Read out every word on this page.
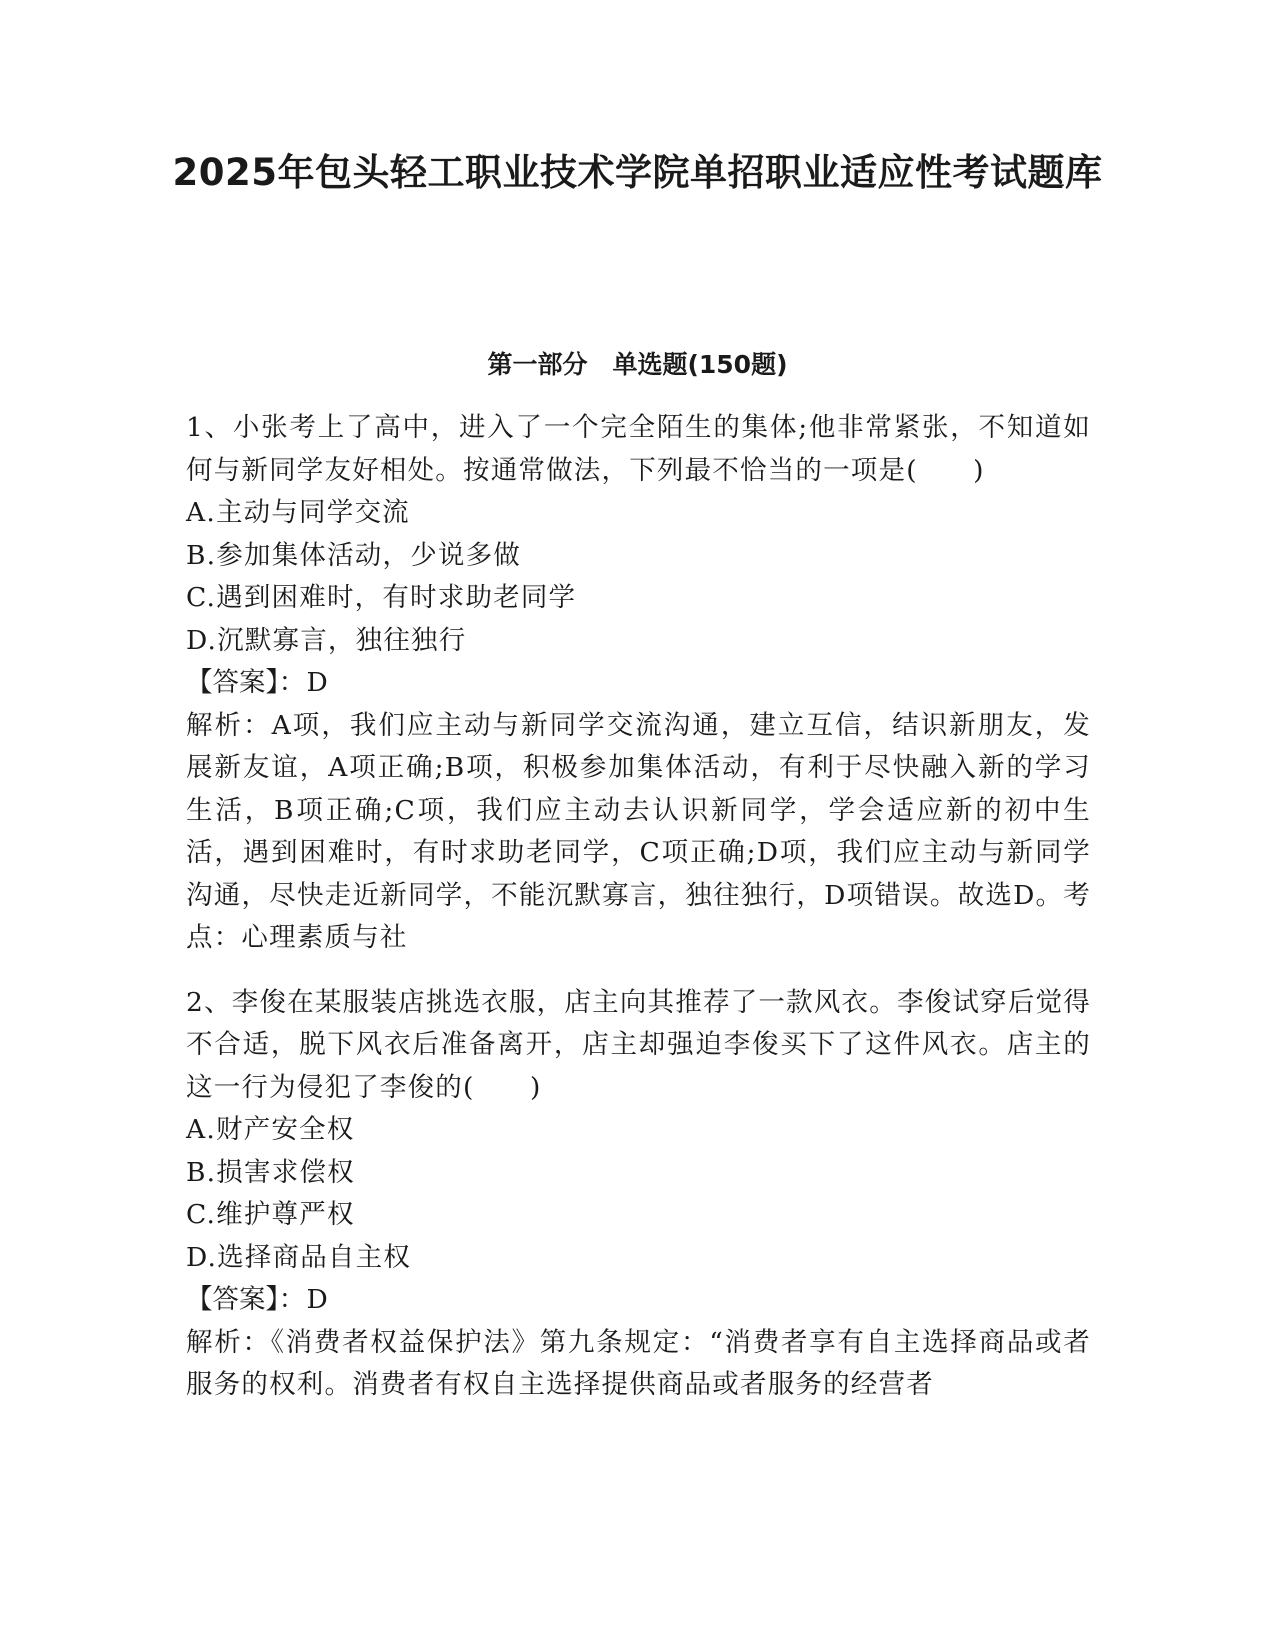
2025年包头轻工职业技术学院单招职业适应性考试题库
第一部分　单选题(150题)

1、小张考上了高中，进入了一个完全陌生的集体;他非常紧张，不知道如何与新同学友好相处。按通常做法，下列最不恰当的一项是(　　)

A.主动与同学交流

B.参加集体活动，少说多做

C.遇到困难时，有时求助老同学

D.沉默寡言，独往独行

【答案】：D

解析：A项，我们应主动与新同学交流沟通，建立互信，结识新朋友，发展新友谊，A项正确;B项，积极参加集体活动，有利于尽快融入新的学习生活，B项正确;C项，我们应主动去认识新同学，学会适应新的初中生活，遇到困难时，有时求助老同学，C项正确;D项，我们应主动与新同学沟通，尽快走近新同学，不能沉默寡言，独往独行，D项错误。故选D。考点：心理素质与社

2、李俊在某服装店挑选衣服，店主向其推荐了一款风衣。李俊试穿后觉得不合适，脱下风衣后准备离开，店主却强迫李俊买下了这件风衣。店主的这一行为侵犯了李俊的(　　)

A.财产安全权

B.损害求偿权

C.维护尊严权

D.选择商品自主权

【答案】：D

解析：《消费者权益保护法》第九条规定：“消费者享有自主选择商品或者服务的权利。消费者有权自主选择提供商品或者服务的经营者
